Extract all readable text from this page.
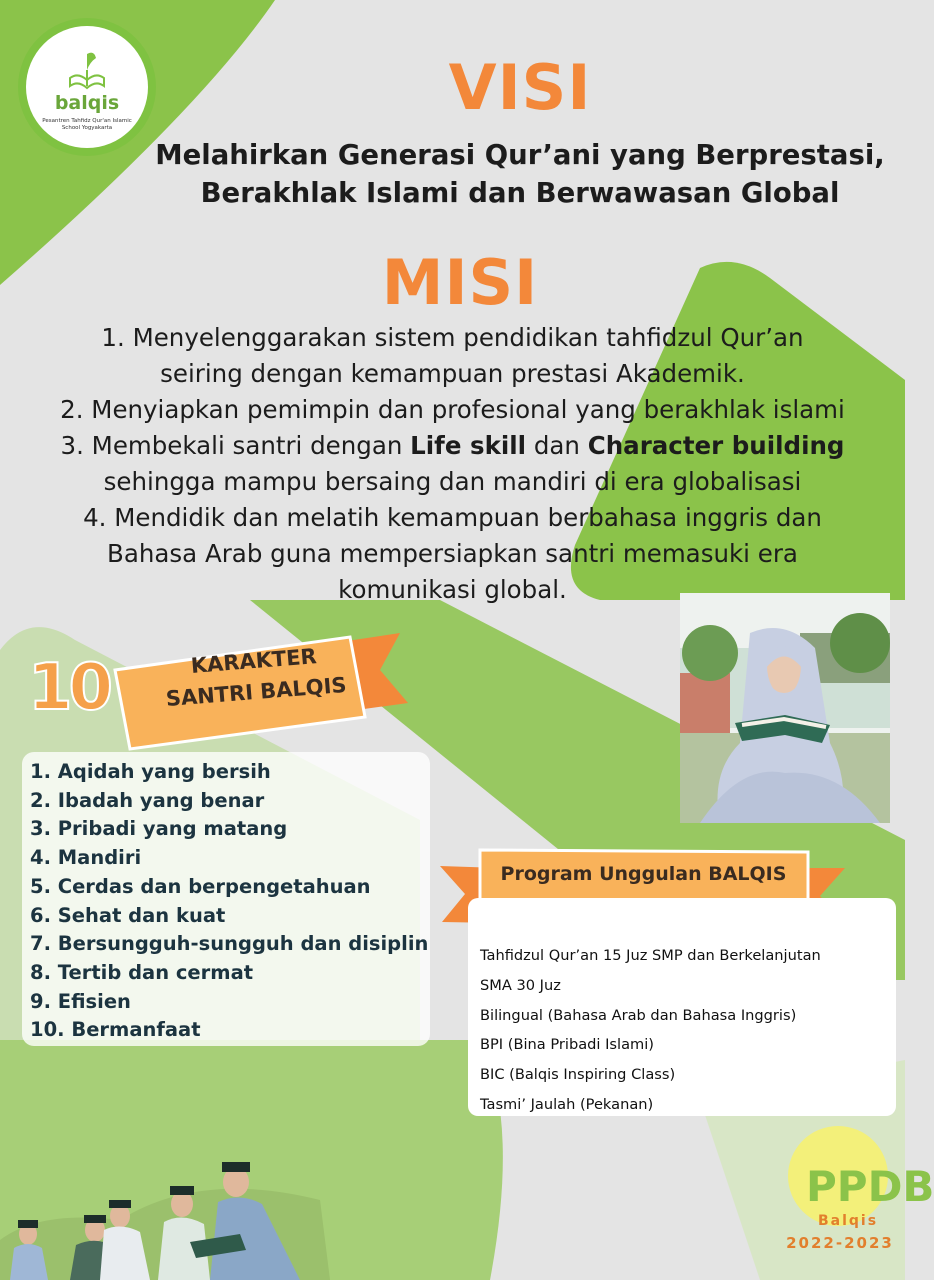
balqis
Pesantren Tahfidz Qur'an Islamic School Yogyakarta
VISI
Melahirkan Generasi Qur’ani yang Berprestasi,
Berakhlak Islami dan Berwawasan Global
MISI
1. Menyelenggarakan sistem pendidikan tahfidzul Qur’an
seiring dengan kemampuan prestasi Akademik.
2. Menyiapkan pemimpin dan profesional yang berakhlak islami
3. Membekali santri dengan Life skill dan Character building
sehingga mampu bersaing dan mandiri di era globalisasi
4. Mendidik dan melatih kemampuan berbahasa inggris dan
Bahasa Arab guna mempersiapkan santri memasuki era
komunikasi global.
10	KARAKTER
SANTRI BALQIS
1. Aqidah yang bersih
2. Ibadah yang benar
3. Pribadi yang matang
4. Mandiri
5. Cerdas dan berpengetahuan
6. Sehat dan kuat
7. Bersungguh-sungguh dan disiplin
8. Tertib dan cermat
9. Efisien
10. Bermanfaat
Program Unggulan BALQIS
Tahfidzul Qur’an 15 Juz SMP dan Berkelanjutan
SMA 30 Juz
Bilingual (Bahasa Arab dan Bahasa Inggris)
BPI (Bina Pribadi Islami)
BIC (Balqis Inspiring Class)
Tasmi’ Jaulah (Pekanan)
PPDB
Balqis
2022-2023
